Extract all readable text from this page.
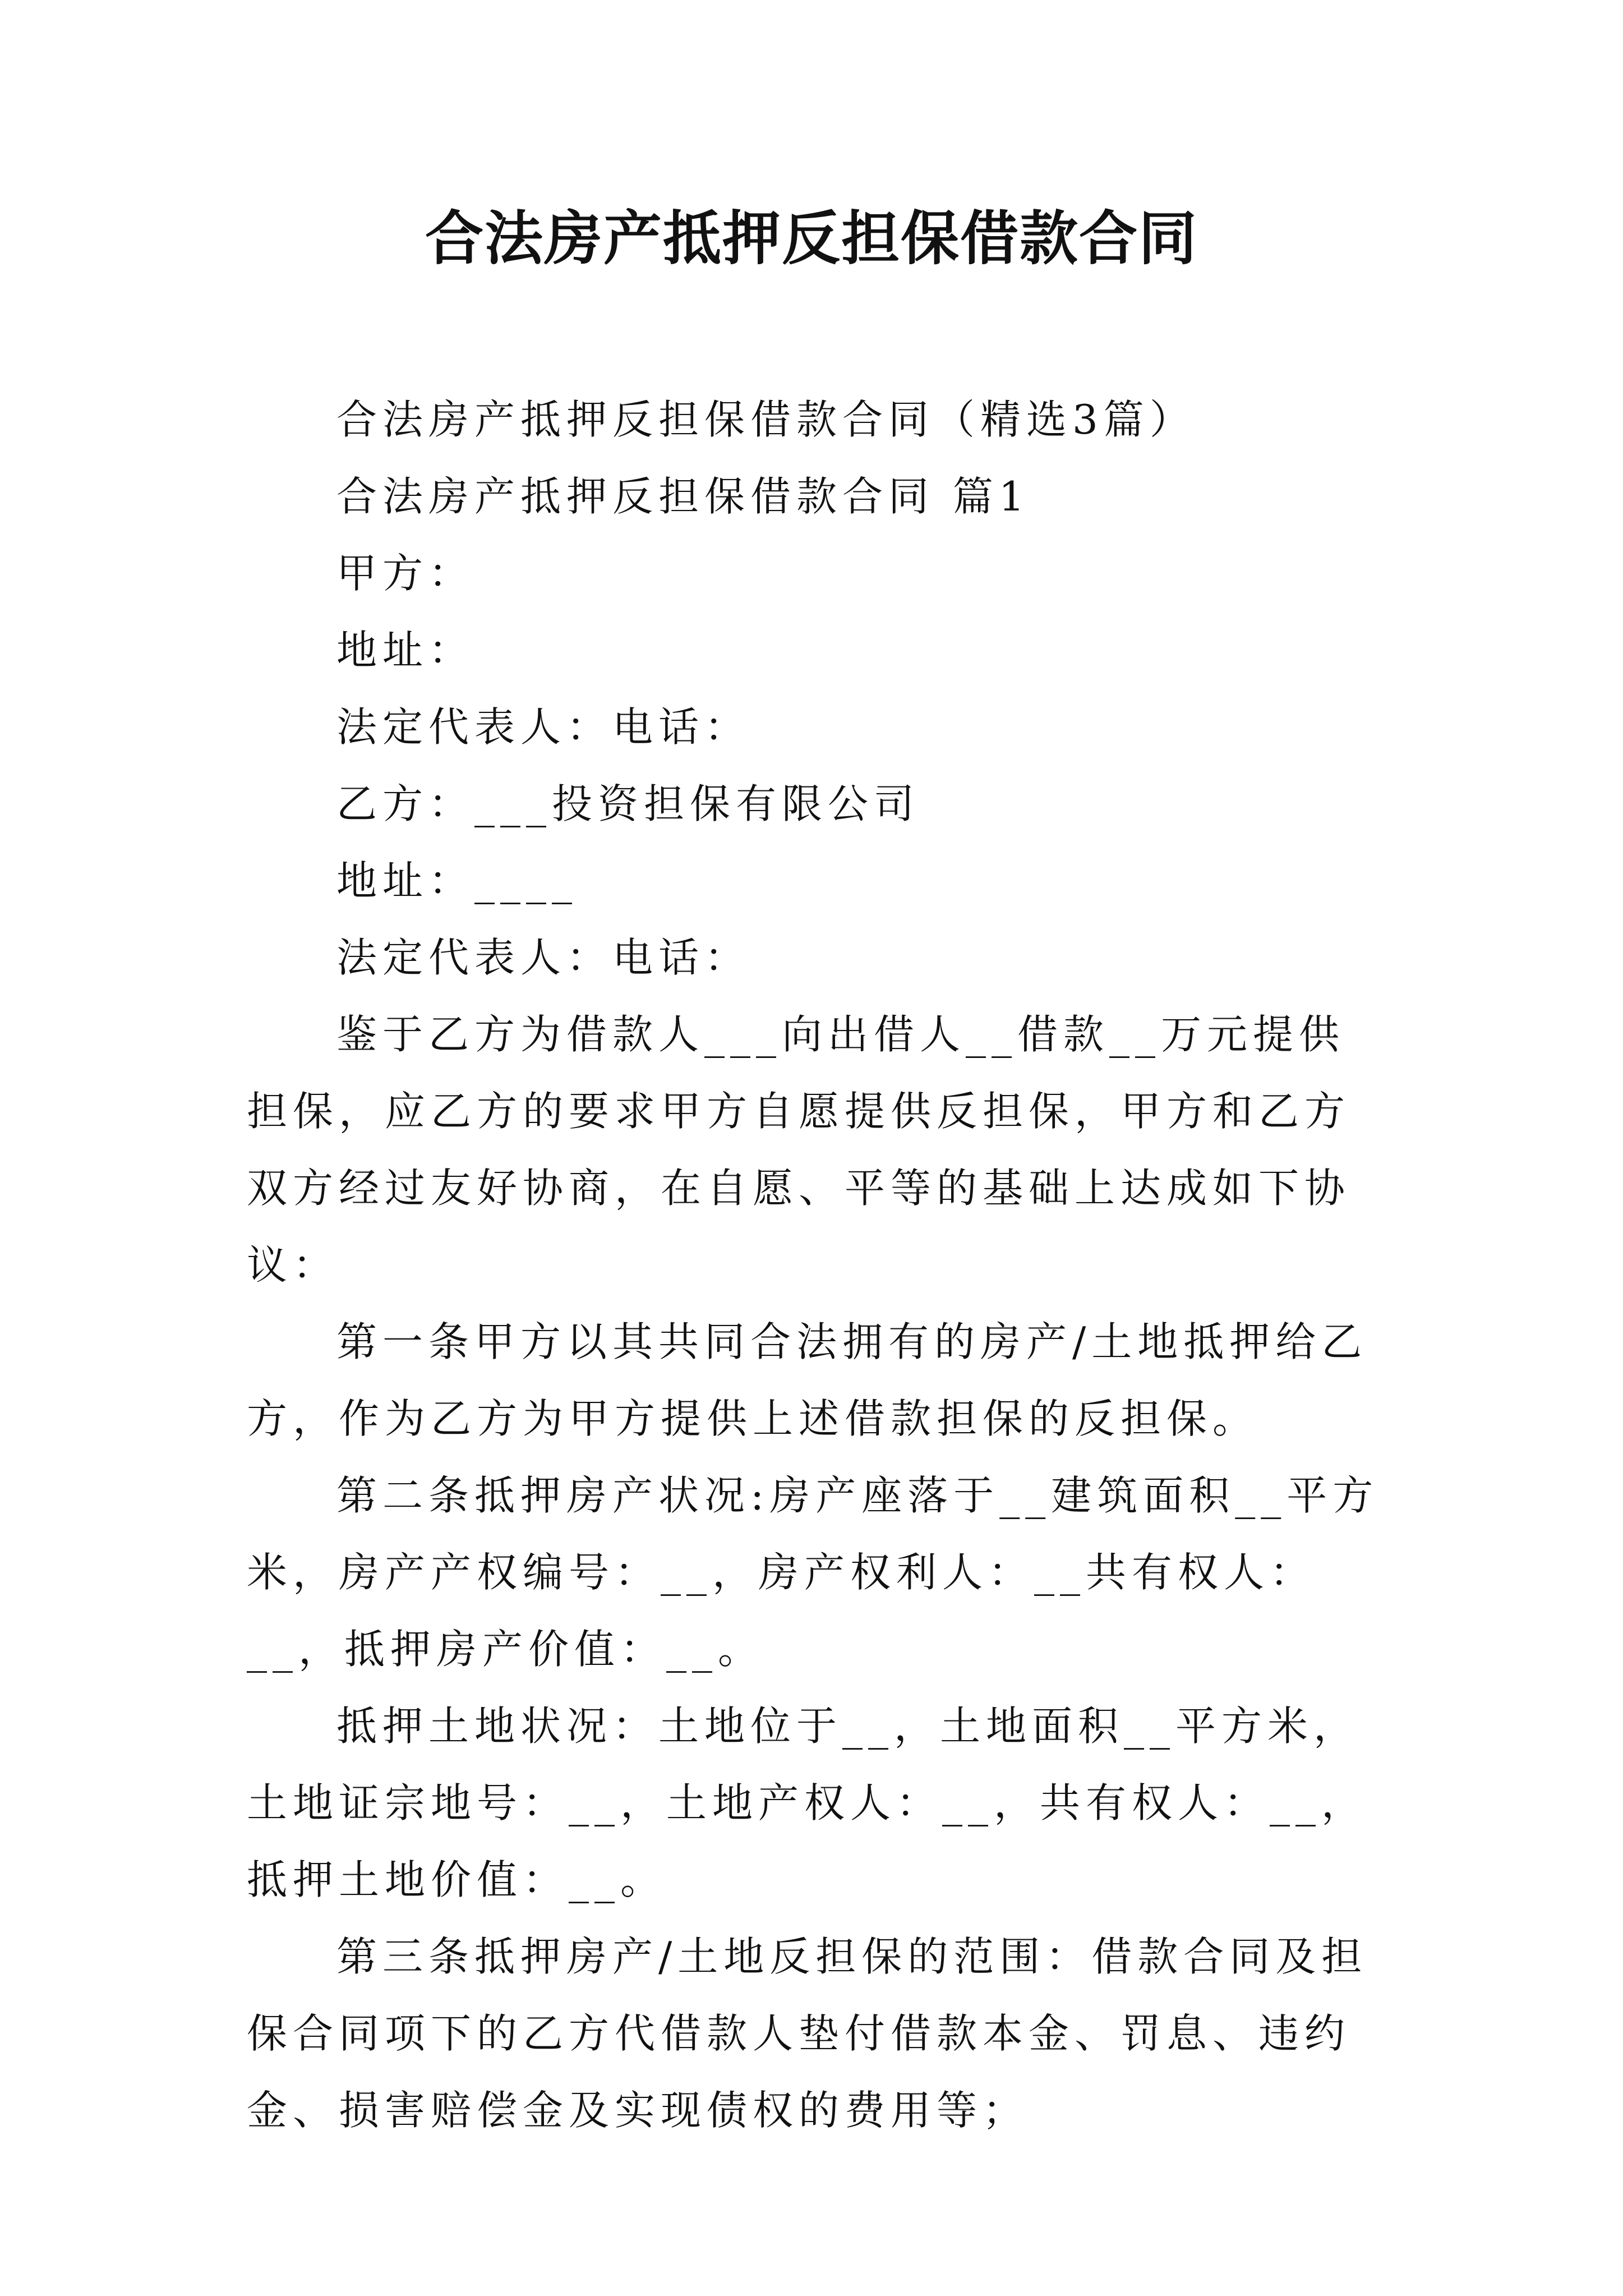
合法房产抵押反担保借款合同

合法房产抵押反担保借款合同（精选3篇）

合法房产抵押反担保借款合同 篇1

甲方：

地址：

法定代表人：电话：

乙方：___投资担保有限公司

地址：____

法定代表人：电话：

鉴于乙方为借款人___向出借人__借款__万元提供担保，应乙方的要求甲方自愿提供反担保，甲方和乙方双方经过友好协商，在自愿、平等的基础上达成如下协议：

第一条甲方以其共同合法拥有的房产/土地抵押给乙方，作为乙方为甲方提供上述借款担保的反担保。

第二条抵押房产状况:房产座落于__建筑面积__平方米，房产产权编号：__，房产权利人：__共有权人：__，抵押房产价值：__。

抵押土地状况：土地位于__，土地面积__平方米，土地证宗地号：__，土地产权人：__，共有权人：__，抵押土地价值：__。

第三条抵押房产/土地反担保的范围：借款合同及担保合同项下的乙方代借款人垫付借款本金、罚息、违约金、损害赔偿金及实现债权的费用等；
